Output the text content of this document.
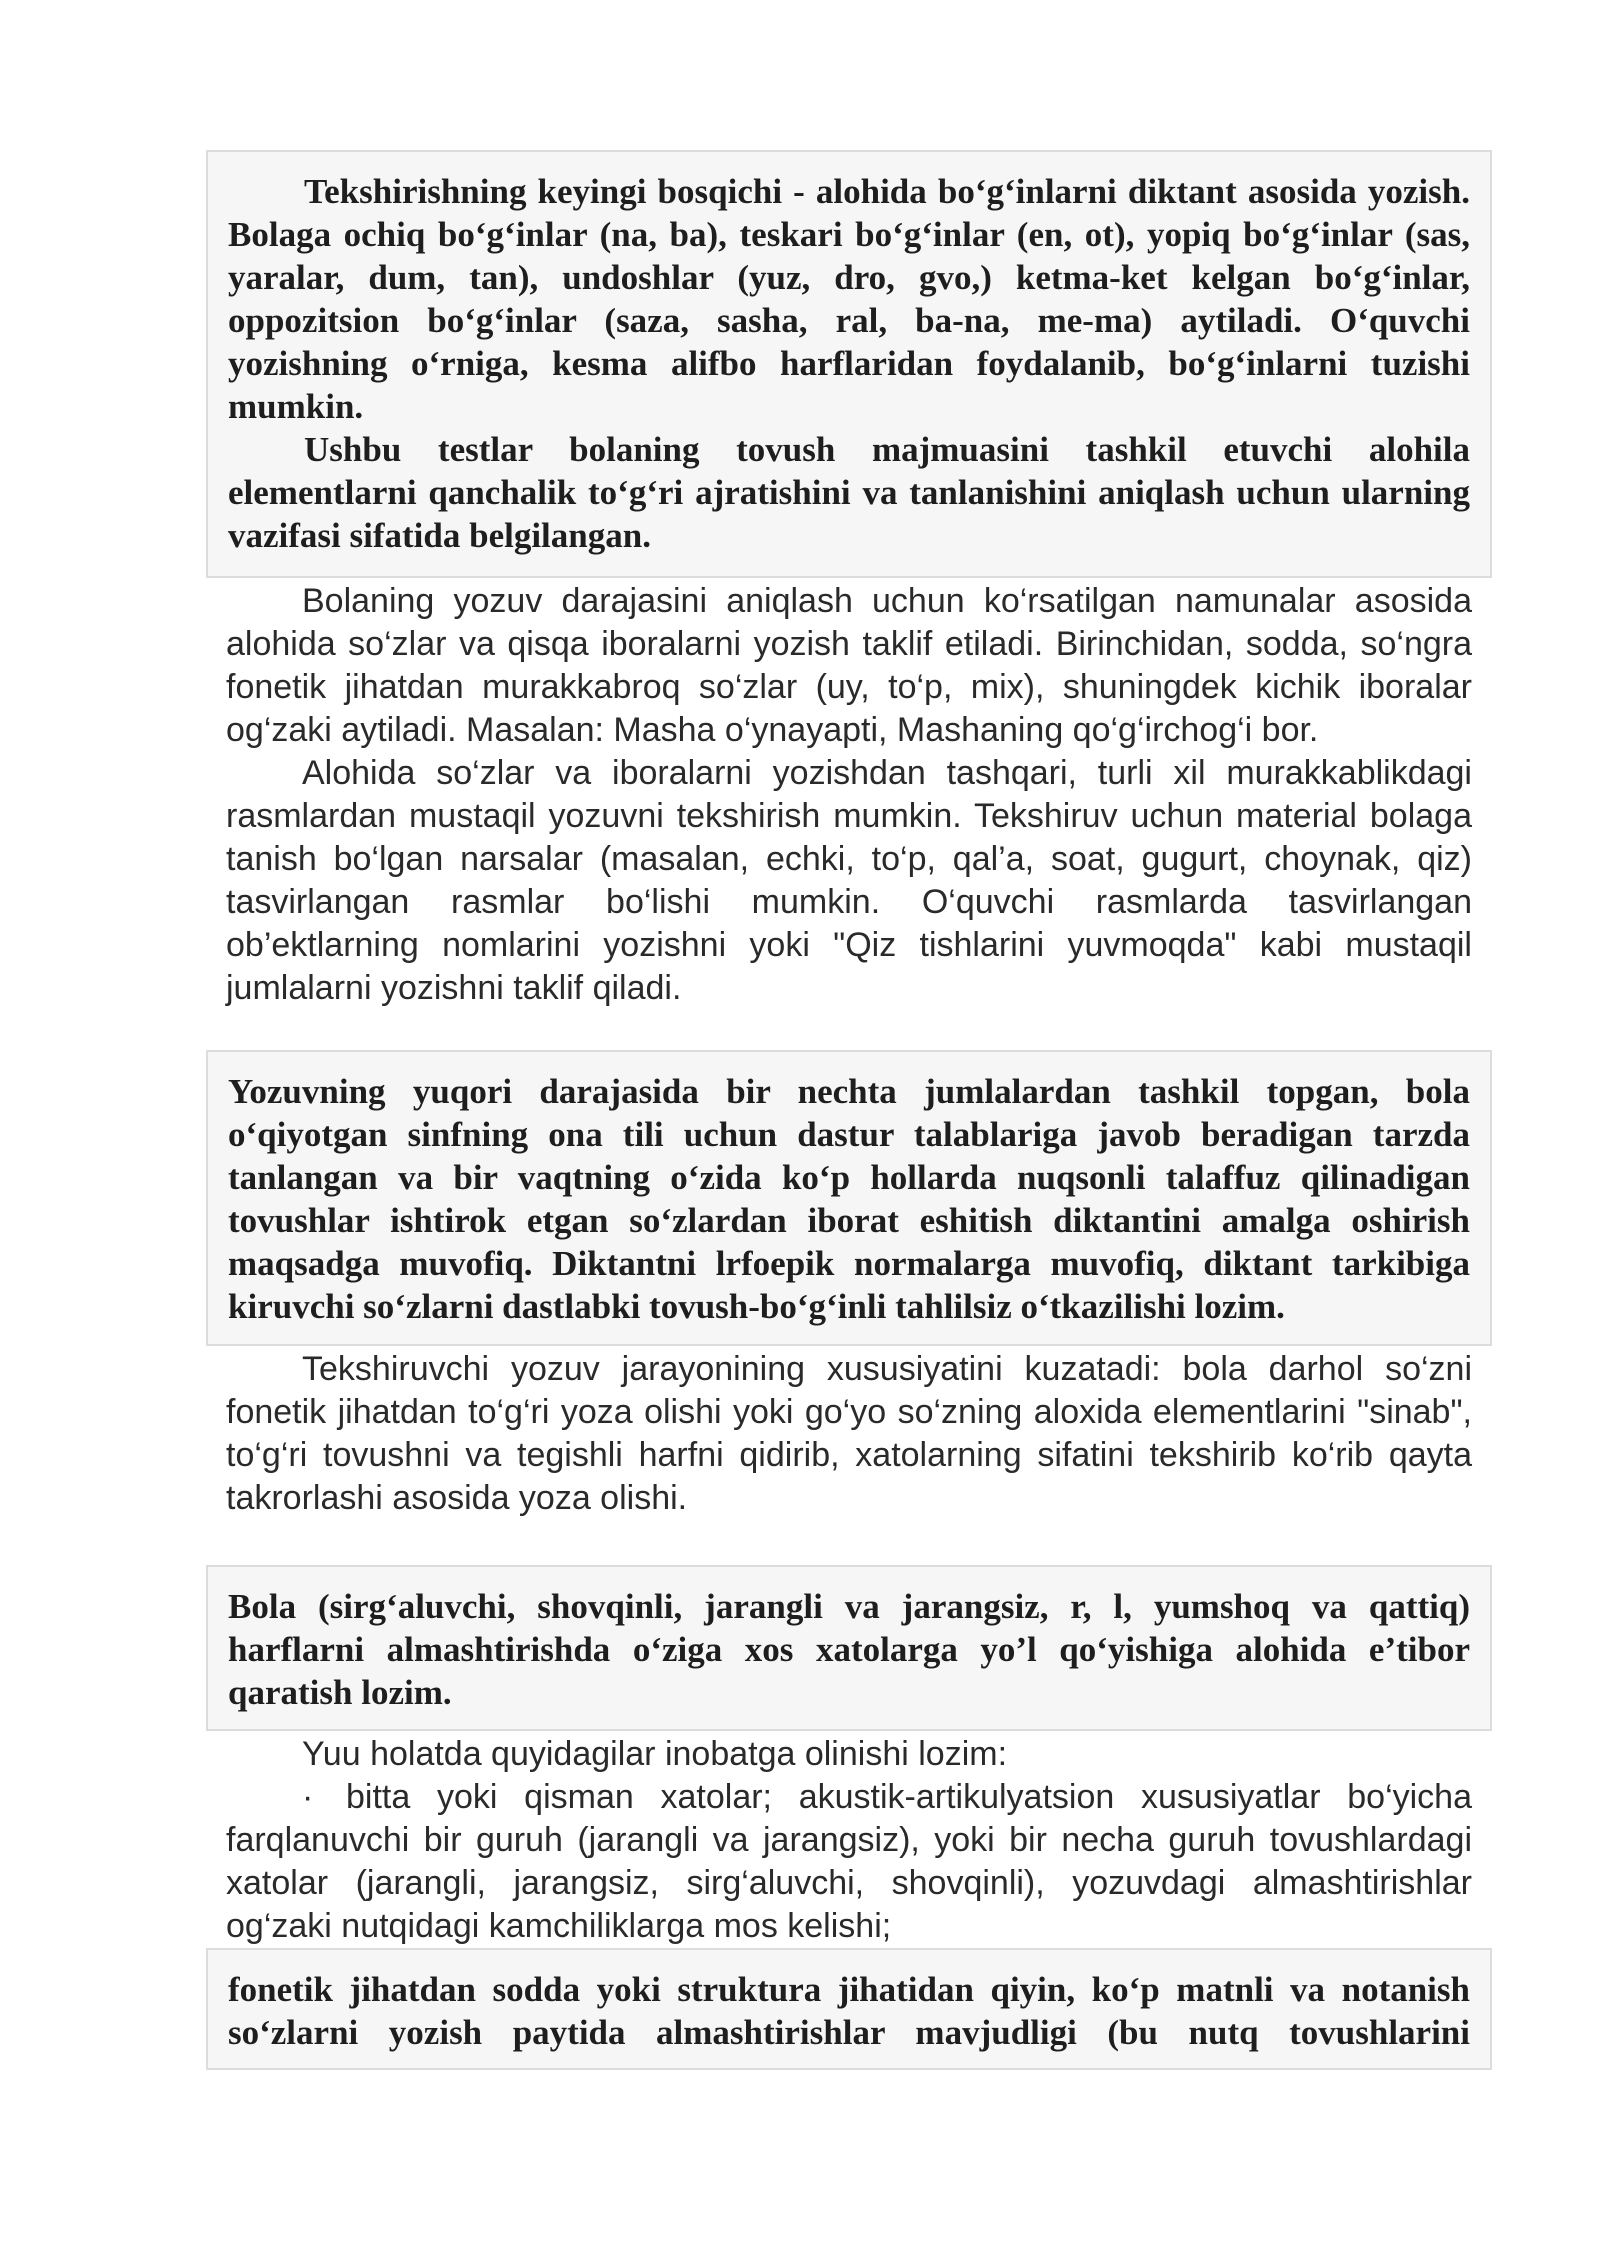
Tekshirishning keyingi bosqichi - alohida bo‘g‘inlarni diktant asosida yozish. Bolaga ochiq bo‘g‘inlar (na, ba), teskari bo‘g‘inlar (en, ot), yopiq bo‘g‘inlar (sas, yaralar, dum, tan), undoshlar (yuz, dro, gvo,) ketma-ket kelgan bo‘g‘inlar, oppozitsion bo‘g‘inlar (saza, sasha, ral, ba-na, me-ma) aytiladi. O‘quvchi yozishning o‘rniga, kesma alifbo harflaridan foydalanib, bo‘g‘inlarni tuzishi mumkin.

Ushbu testlar bolaning tovush majmuasini tashkil etuvchi alohila elementlarni qanchalik to‘g‘ri ajratishini va tanlanishini aniqlash uchun ularning vazifasi sifatida belgilangan.

Bolaning yozuv darajasini aniqlash uchun ko‘rsatilgan namunalar asosida alohida so‘zlar va qisqa iboralarni yozish taklif etiladi. Birinchidan, sodda, so‘ngra fonetik jihatdan murakkabroq so‘zlar (uy, to‘p, mix), shuningdek kichik iboralar og‘zaki aytiladi. Masalan: Masha o‘ynayapti, Mashaning qo‘g‘irchog‘i bor.

Alohida so‘zlar va iboralarni yozishdan tashqari, turli xil murakkablikdagi rasmlardan mustaqil yozuvni tekshirish mumkin. Tekshiruv uchun material bolaga tanish bo‘lgan narsalar (masalan, echki, to‘p, qal’a, soat, gugurt, choynak, qiz) tasvirlangan rasmlar bo‘lishi mumkin. O‘quvchi rasmlarda tasvirlangan ob’ektlarning nomlarini yozishni yoki "Qiz tishlarini yuvmoqda" kabi mustaqil jumlalarni yozishni taklif qiladi.

Yozuvning yuqori darajasida bir nechta jumlalardan tashkil topgan, bola o‘qiyotgan sinfning ona tili uchun dastur talablariga javob beradigan tarzda tanlangan va bir vaqtning o‘zida ko‘p hollarda nuqsonli talaffuz qilinadigan tovushlar ishtirok etgan so‘zlardan iborat eshitish diktantini amalga oshirish maqsadga muvofiq. Diktantni lrfoepik normalarga muvofiq, diktant tarkibiga kiruvchi so‘zlarni dastlabki tovush-bo‘g‘inli tahlilsiz o‘tkazilishi lozim.

Tekshiruvchi yozuv jarayonining xususiyatini kuzatadi: bola darhol so‘zni fonetik jihatdan to‘g‘ri yoza olishi yoki go‘yo so‘zning aloxida elementlarini "sinab", to‘g‘ri tovushni va tegishli harfni qidirib, xatolarning sifatini tekshirib ko‘rib qayta takrorlashi asosida yoza olishi.

Bola (sirg‘aluvchi, shovqinli, jarangli va jarangsiz, r, l, yumshoq va qattiq) harflarni almashtirishda o‘ziga xos xatolarga yo’l qo‘yishiga alohida e’tibor qaratish lozim.

Yuu holatda quyidagilar inobatga olinishi lozim:

· bitta yoki qisman xatolar; akustik-artikulyatsion xususiyatlar bo‘yicha farqlanuvchi bir guruh (jarangli va jarangsiz), yoki bir necha guruh tovushlardagi xatolar (jarangli, jarangsiz, sirg‘aluvchi, shovqinli), yozuvdagi almashtirishlar og‘zaki nutqidagi kamchiliklarga mos kelishi;

fonetik jihatdan sodda yoki struktura jihatidan qiyin, ko‘p matnli va notanish so‘zlarni yozish paytida almashtirishlar mavjudligi (bu nutq tovushlarini
